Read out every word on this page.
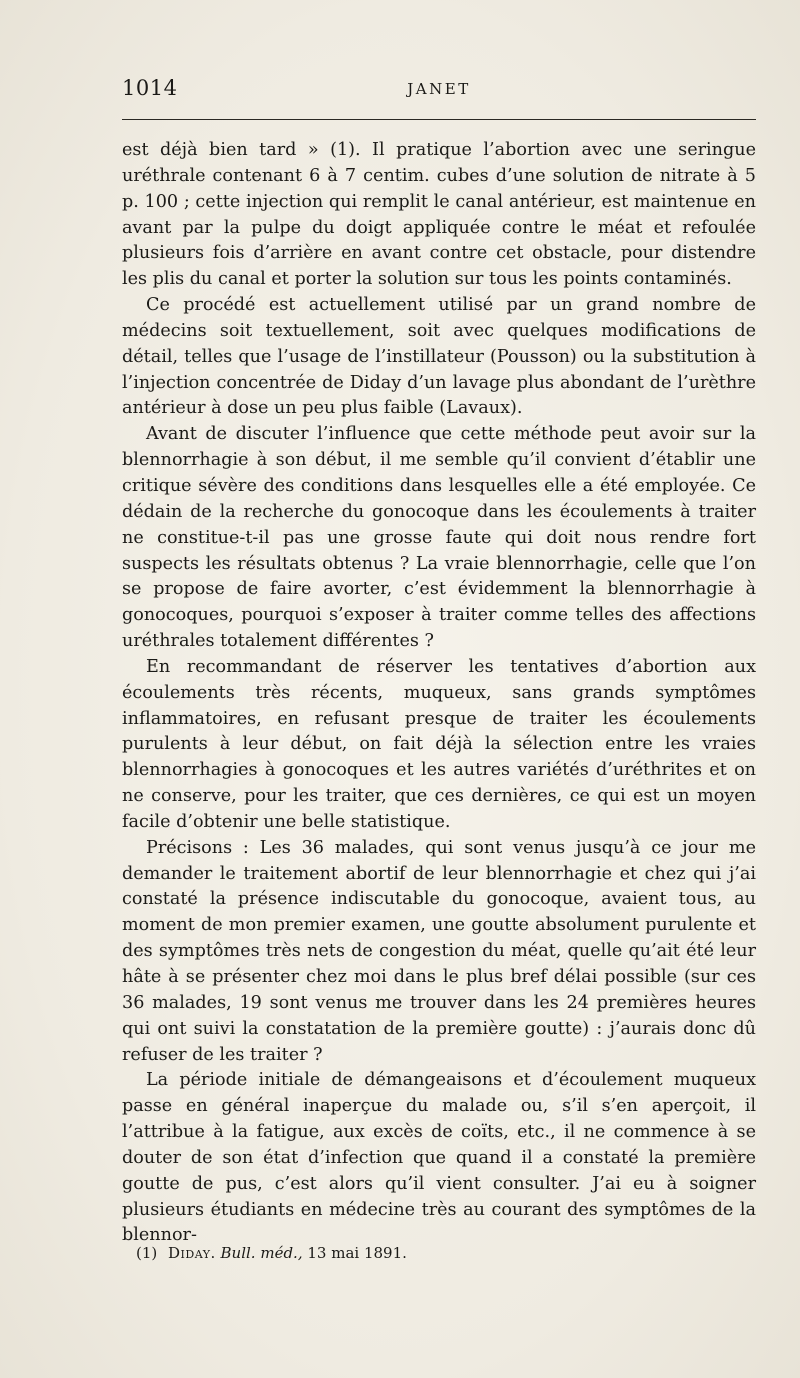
1014	JANET

est déjà bien tard » (1). Il pratique l’abortion avec une seringue uréthrale contenant 6 à 7 centim. cubes d’une solution de nitrate à 5 p. 100 ; cette injection qui remplit le canal antérieur, est maintenue en avant par la pulpe du doigt appliquée contre le méat et refoulée plusieurs fois d’arrière en avant contre cet obstacle, pour distendre les plis du canal et porter la solution sur tous les points contaminés.

Ce procédé est actuellement utilisé par un grand nombre de médecins soit textuellement, soit avec quelques modifications de détail, telles que l’usage de l’instillateur (Pousson) ou la substitution à l’injection concentrée de Diday d’un lavage plus abondant de l’urèthre antérieur à dose un peu plus faible (Lavaux).

Avant de discuter l’influence que cette méthode peut avoir sur la blennorrhagie à son début, il me semble qu’il convient d’établir une critique sévère des conditions dans lesquelles elle a été employée. Ce dédain de la recherche du gonocoque dans les écoulements à traiter ne constitue-t-il pas une grosse faute qui doit nous rendre fort suspects les résultats obtenus ? La vraie blennorrhagie, celle que l’on se propose de faire avorter, c’est évidemment la blennorrhagie à gonocoques, pourquoi s’exposer à traiter comme telles des affections uréthrales totalement différentes ?

En recommandant de réserver les tentatives d’abortion aux écoulements très récents, muqueux, sans grands symptômes inflammatoires, en refusant presque de traiter les écoulements purulents à leur début, on fait déjà la sélection entre les vraies blennorrhagies à gonocoques et les autres variétés d’uréthrites et on ne conserve, pour les traiter, que ces dernières, ce qui est un moyen facile d’obtenir une belle statistique.

Précisons : Les 36 malades, qui sont venus jusqu’à ce jour me demander le traitement abortif de leur blennorrhagie et chez qui j’ai constaté la présence indiscutable du gonocoque, avaient tous, au moment de mon premier examen, une goutte absolument purulente et des symptômes très nets de congestion du méat, quelle qu’ait été leur hâte à se présenter chez moi dans le plus bref délai possible (sur ces 36 malades, 19 sont venus me trouver dans les 24 premières heures qui ont suivi la constatation de la première goutte) : j’aurais donc dû refuser de les traiter ?

La période initiale de démangeaisons et d’écoulement muqueux passe en général inaperçue du malade ou, s’il s’en aperçoit, il l’attribue à la fatigue, aux excès de coïts, etc., il ne commence à se douter de son état d’infection que quand il a constaté la première goutte de pus, c’est alors qu’il vient consulter. J’ai eu à soigner plusieurs étudiants en médecine très au courant des symptômes de la blennor-

(1) Diday. Bull. méd., 13 mai 1891.
